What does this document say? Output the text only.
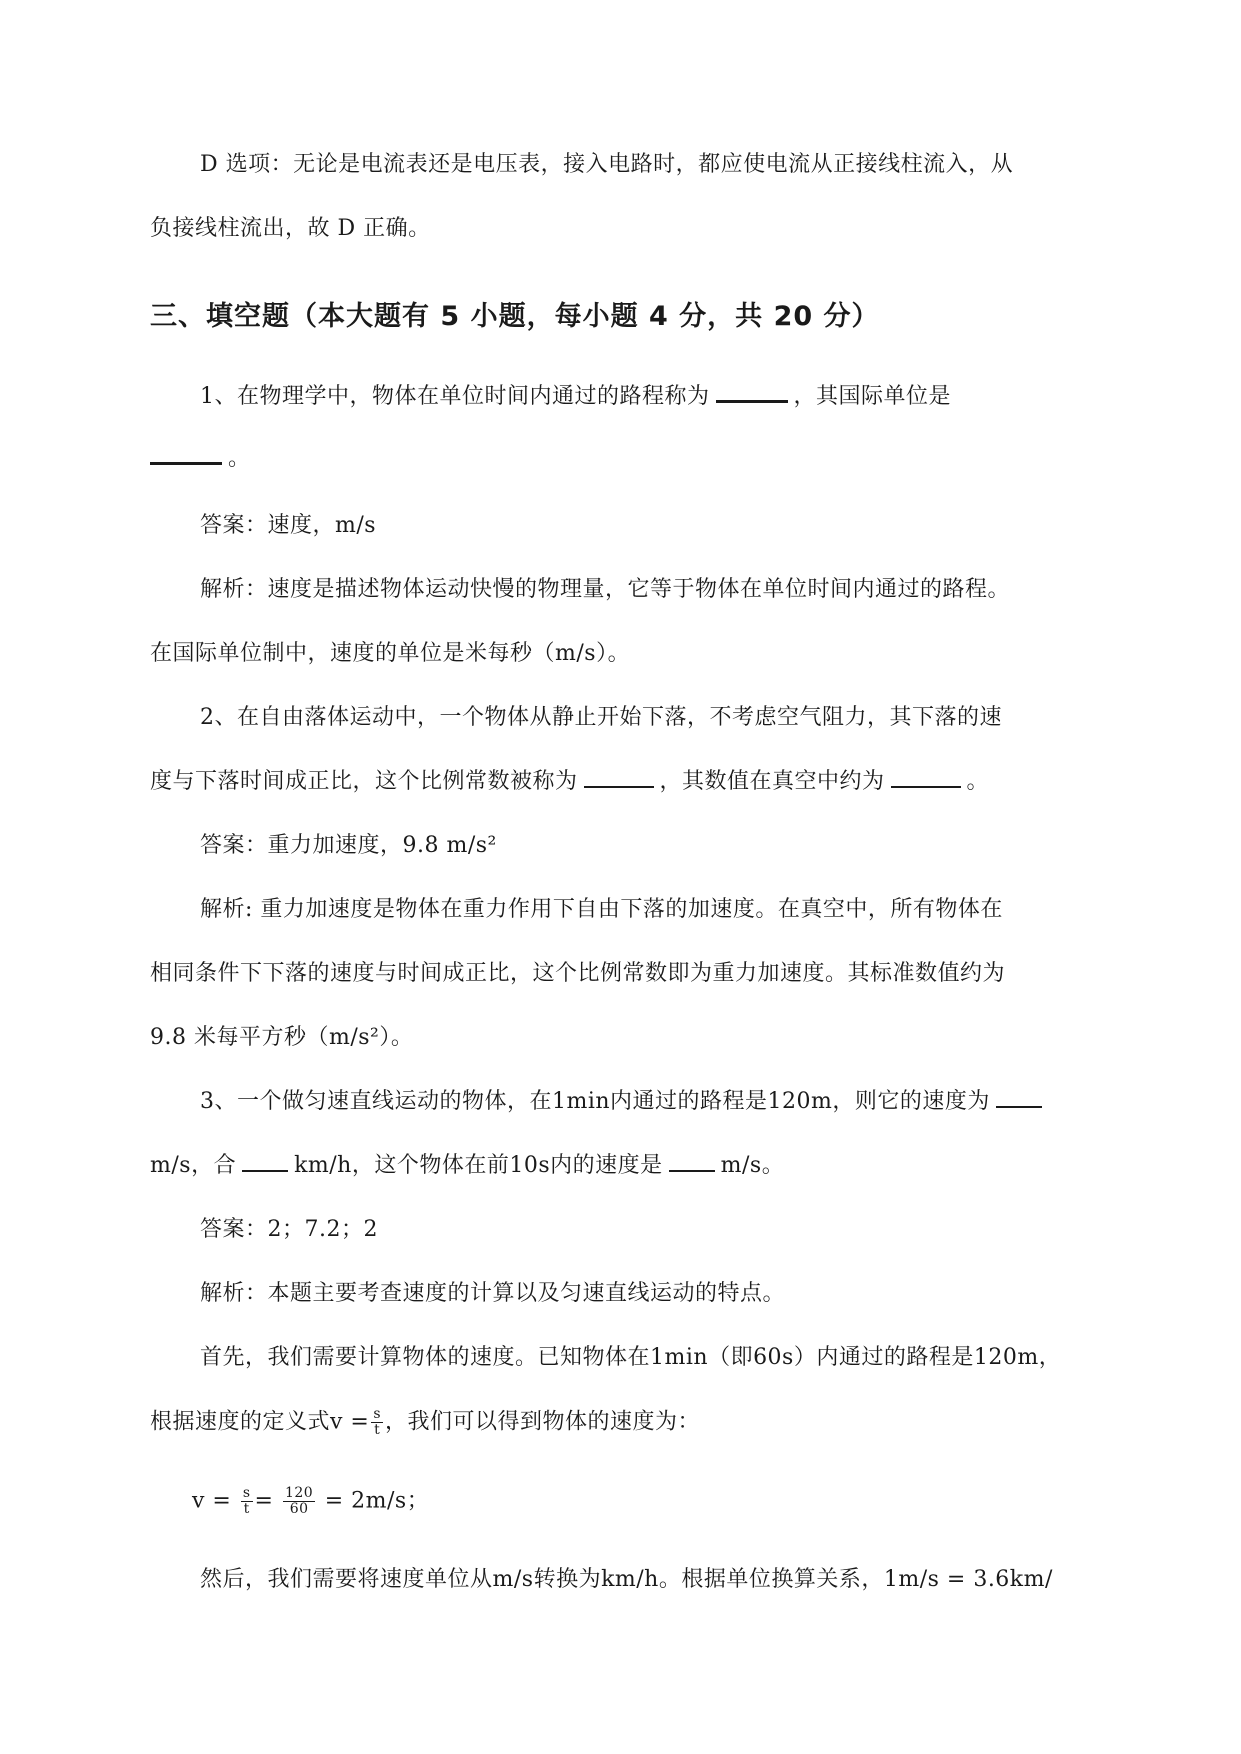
D 选项：无论是电流表还是电压表，接入电路时，都应使电流从正接线柱流入，从
负接线柱流出，故 D 正确。
三、填空题（本大题有 5 小题，每小题 4 分，共 20 分）
1、在物理学中，物体在单位时间内通过的路程称为	，其国际单位是
。
答案：速度，m/s
解析：速度是描述物体运动快慢的物理量，它等于物体在单位时间内通过的路程。
在国际单位制中，速度的单位是米每秒（m/s）。
2、在自由落体运动中，一个物体从静止开始下落，不考虑空气阻力，其下落的速
度与下落时间成正比，这个比例常数被称为	，其数值在真空中约为	。
答案：重力加速度，9.8 m/s²
解析: 重力加速度是物体在重力作用下自由下落的加速度。在真空中，所有物体在
相同条件下下落的速度与时间成正比，这个比例常数即为重力加速度。其标准数值约为
9.8 米每平方秒（m/s²）。
3、一个做匀速直线运动的物体，在1min内通过的路程是120m，则它的速度为
m/s，合	km/h，这个物体在前10s内的速度是	m/s。
答案：2；7.2；2
解析：本题主要考查速度的计算以及匀速直线运动的特点。
首先，我们需要计算物体的速度。已知物体在1min（即60s）内通过的路程是120m，
根据速度的定义式$v = \frac{s}{t}$ ，我们可以得到物体的速度为：
$v = \frac{s}{t} = \frac{120}{60} = 2m/s$；
然后，我们需要将速度单位从m/s转换为km/h。根据单位换算关系，1m/s = 3.6km/
